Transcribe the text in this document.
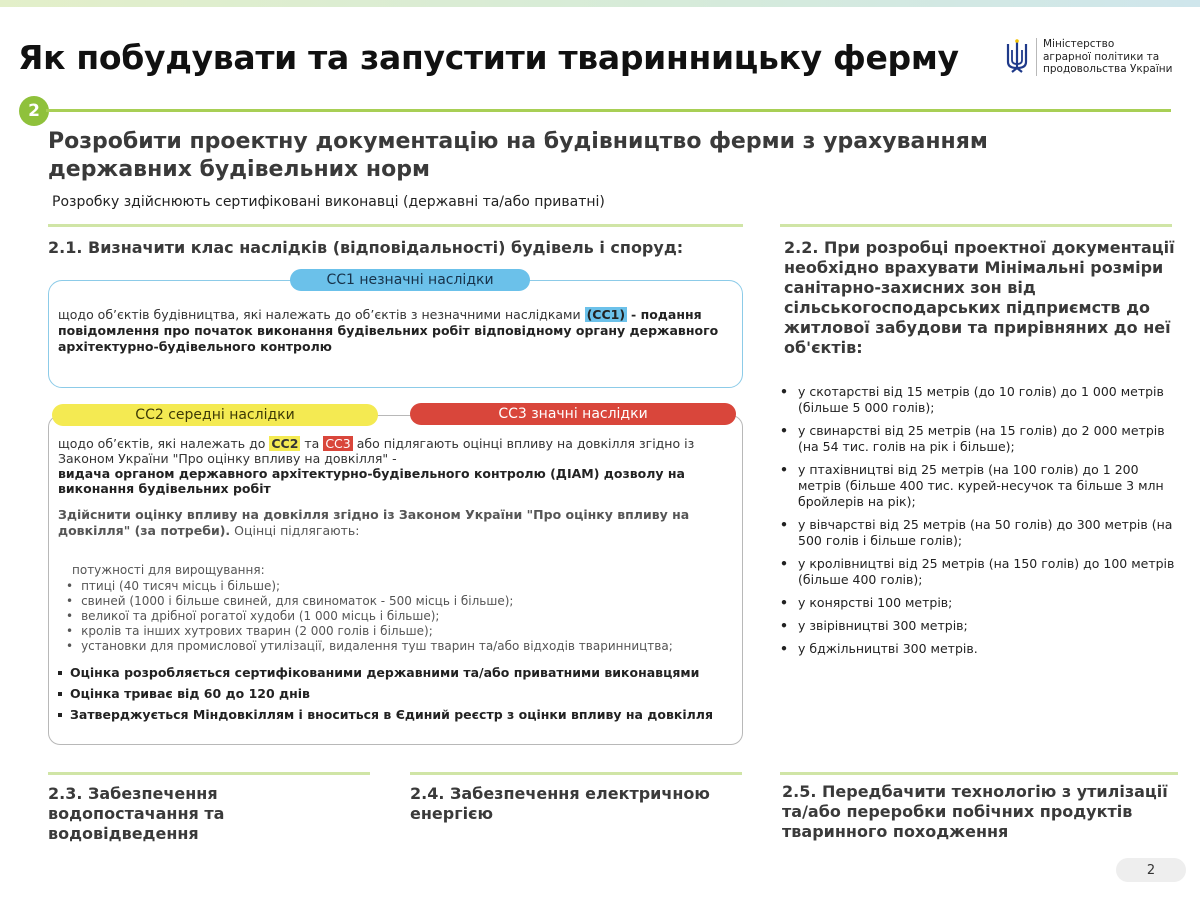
Як побудувати та запустити тваринницьку ферму	Міністерство
аграрної політики та
продовольства України
2
Розробити проектну документацію на будівництво ферми з урахуванням
державних будівельних норм
Розробку здійснюють сертифіковані виконавці (державні та/або приватні)
2.1. Визначити клас наслідків (відповідальності) будівель і споруд:
СС1 незначні наслідки
щодо об’єктів будівництва, які належать до об’єктів з незначними наслідками (СС1) - подання повідомлення про початок виконання будівельних робіт відповідному органу державного архітектурно-будівельного контролю
СС2 середні наслідки	СС3 значні наслідки
щодо об’єктів, які належать до СС2 та СС3 або підлягають оцінці впливу на довкілля згідно із Законом України "Про оцінку впливу на довкілля" -
видача органом державного архітектурно-будівельного контролю (ДІАМ) дозволу на виконання будівельних робіт
Здійснити оцінку впливу на довкілля згідно із Законом України "Про оцінку впливу на довкілля" (за потреби). Оцінці підлягають:
потужності для вирощування:
• птиці (40 тисяч місць і більше);
• свиней (1000 і більше свиней, для свиноматок - 500 місць і більше);
• великої та дрібної рогатої худоби (1 000 місць і більше);
• кролів та інших хутрових тварин (2 000 голів і більше);
• установки для промислової утилізації, видалення туш тварин та/або відходів тваринництва;
Оцінка розробляється сертифікованими державними та/або приватними виконавцями
Оцінка триває від 60 до 120 днів
Затверджується Міндовкіллям і вноситься в Єдиний реєстр з оцінки впливу на довкілля
2.2. При розробці проектної документації необхідно врахувати Мінімальні розміри санітарно-захисних зон від сільськогосподарських підприємств до житлової забудови та прирівняних до неї об'єктів:
• у скотарстві від 15 метрів (до 10 голів) до 1 000 метрів (більше 5 000 голів);
• у свинарстві від 25 метрів (на 15 голів) до 2 000 метрів (на 54 тис. голів на рік і більше);
• у птахівництві від 25 метрів (на 100 голів) до 1 200 метрів (більше 400 тис. курей-несучок та більше 3 млн бройлерів на рік);
• у вівчарстві від 25 метрів (на 50 голів) до 300 метрів (на 500 голів і більше голів);
• у кролівництві від 25 метрів (на 150 голів) до 100 метрів (більше 400 голів);
• у конярстві 100 метрів;
• у звірівництві 300 метрів;
• у бджільництві 300 метрів.
2.3. Забезпечення водопостачання та водовідведення
2.4. Забезпечення електричною енергією
2.5. Передбачити технологію з утилізації та/або переробки побічних продуктів тваринного походження
2
